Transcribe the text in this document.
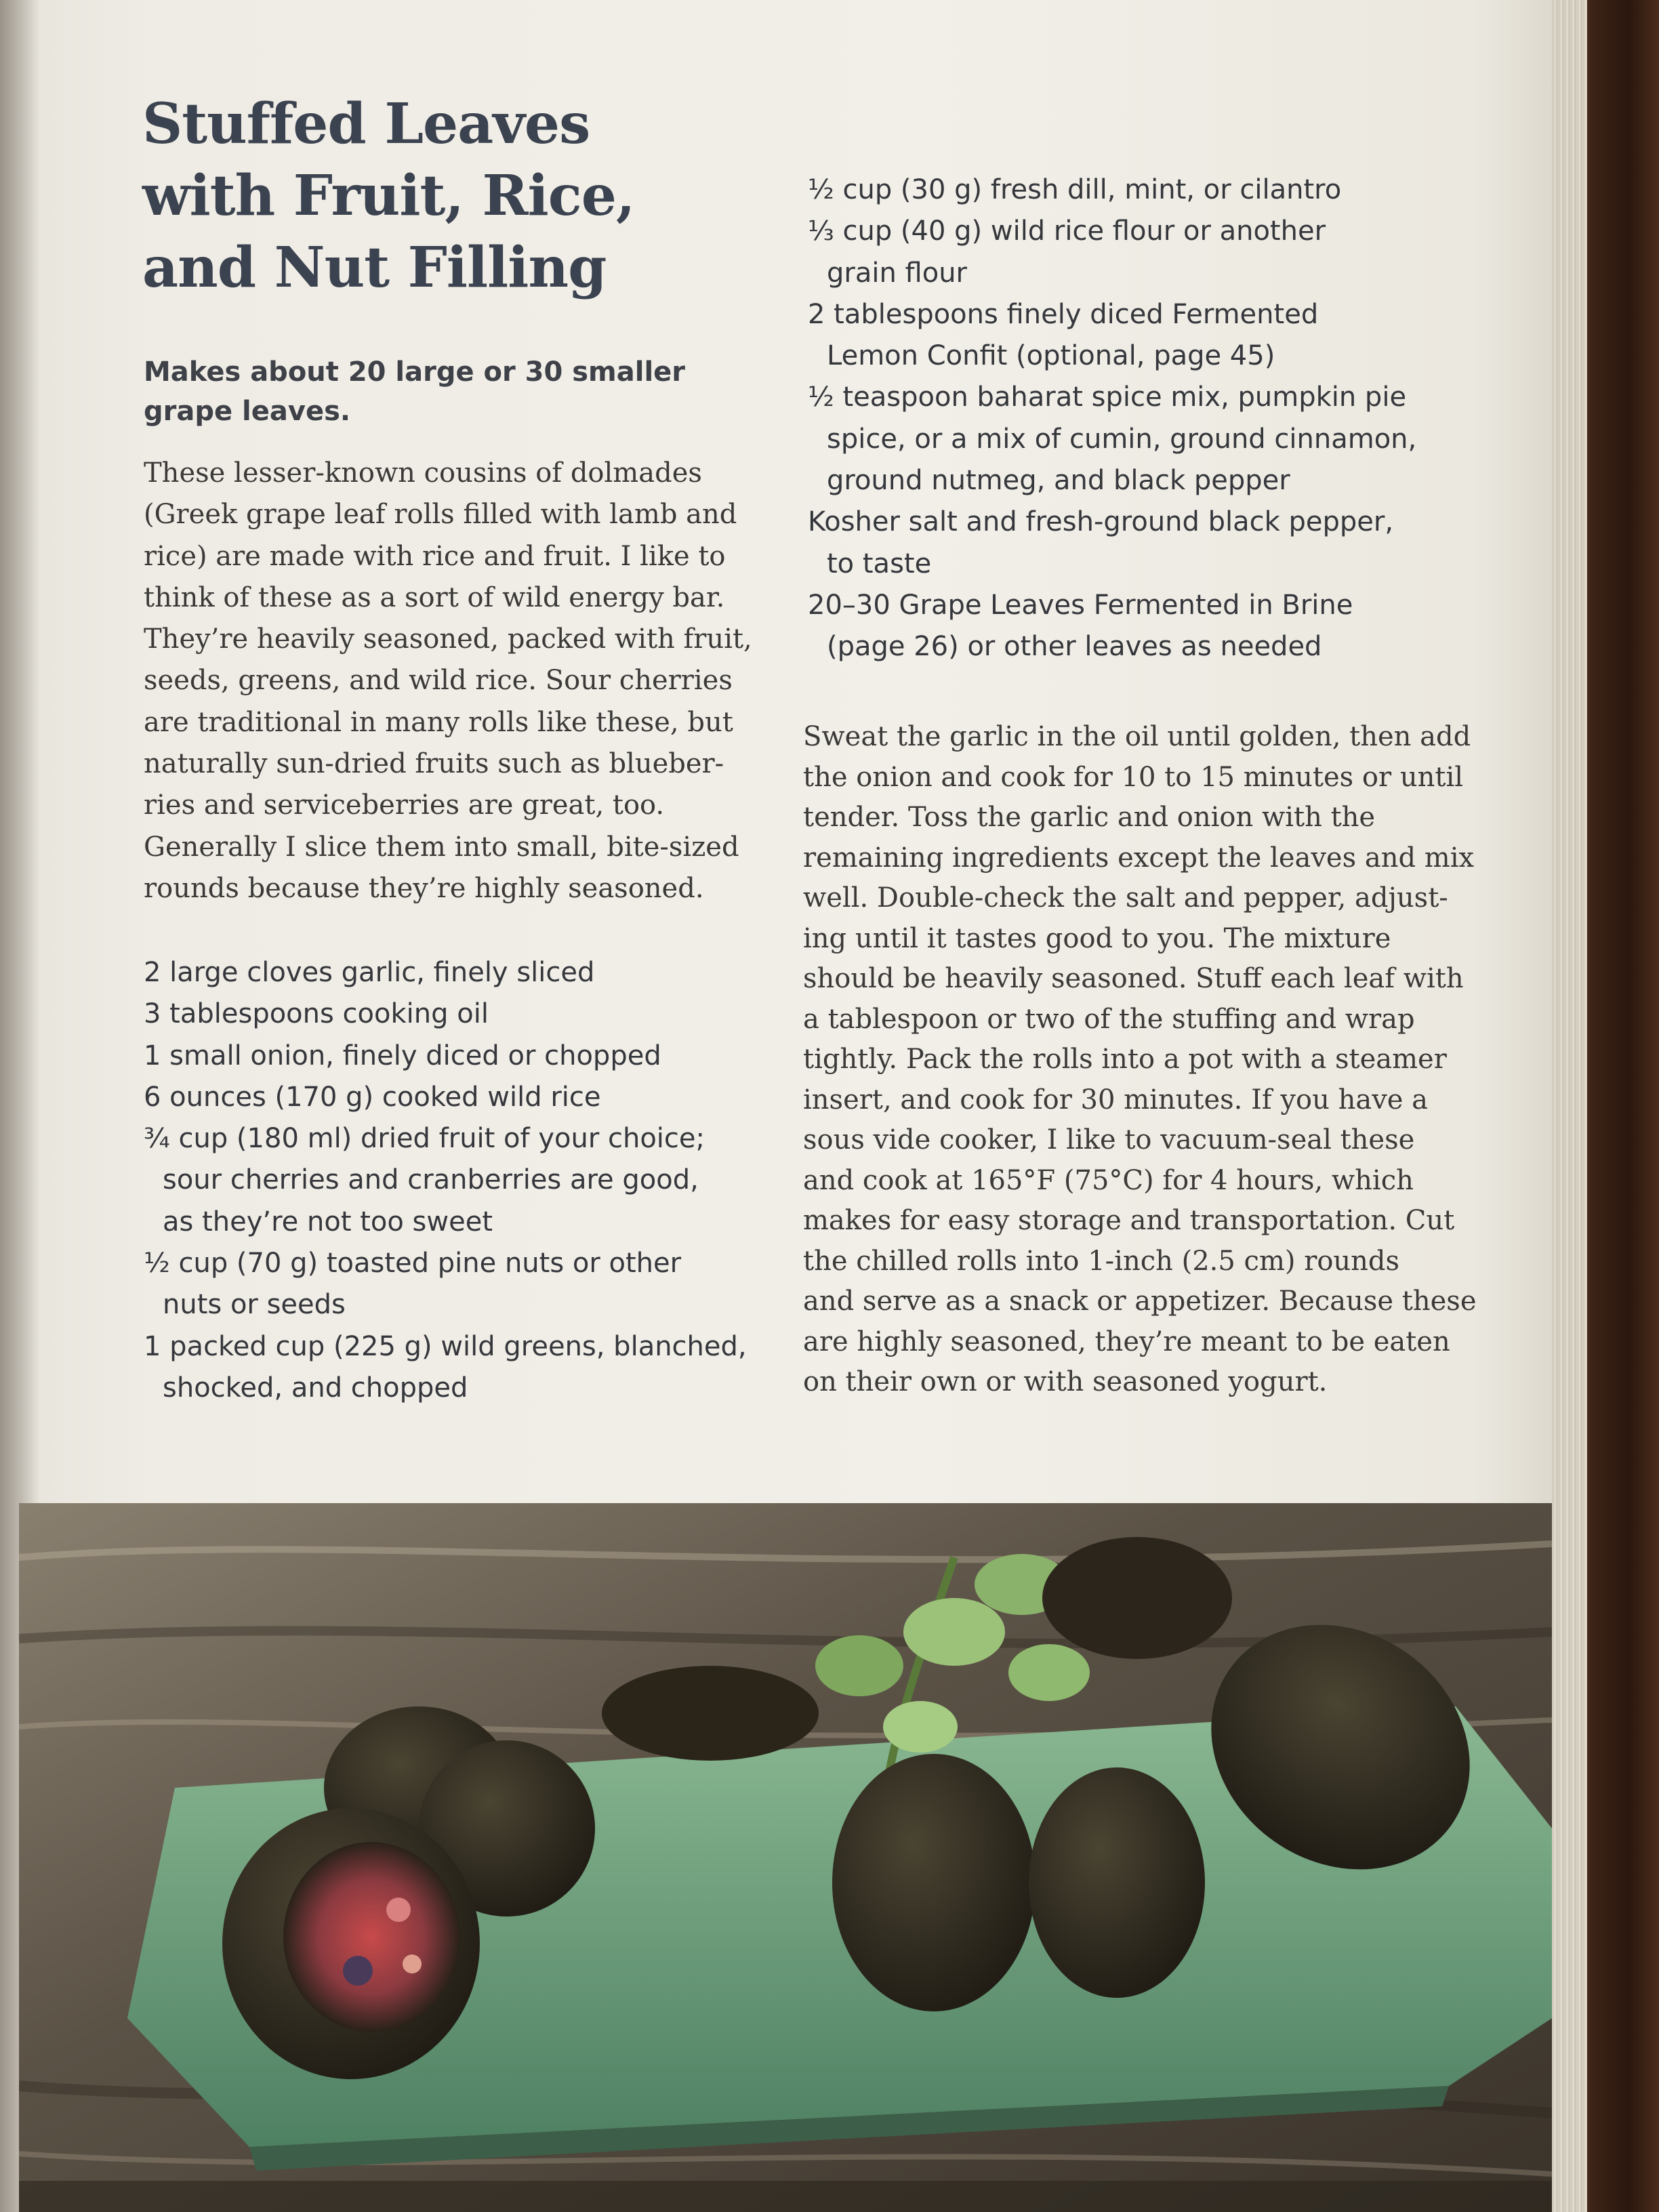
Stuffed Leaves
with Fruit, Rice,
and Nut Filling
Makes about 20 large or 30 smaller
grape leaves.
These lesser-known cousins of dolmades
(Greek grape leaf rolls filled with lamb and
rice) are made with rice and fruit. I like to
think of these as a sort of wild energy bar.
They’re heavily seasoned, packed with fruit,
seeds, greens, and wild rice. Sour cherries
are traditional in many rolls like these, but
naturally sun-dried fruits such as blueber-
ries and serviceberries are great, too.
Generally I slice them into small, bite-sized
rounds because they’re highly seasoned.
2 large cloves garlic, finely sliced
3 tablespoons cooking oil
1 small onion, finely diced or chopped
6 ounces (170 g) cooked wild rice
¾ cup (180 ml) dried fruit of your choice;
sour cherries and cranberries are good,
as they’re not too sweet
½ cup (70 g) toasted pine nuts or other
nuts or seeds
1 packed cup (225 g) wild greens, blanched,
shocked, and chopped
½ cup (30 g) fresh dill, mint, or cilantro
⅓ cup (40 g) wild rice flour or another
grain flour
2 tablespoons finely diced Fermented
Lemon Confit (optional, page 45)
½ teaspoon baharat spice mix, pumpkin pie
spice, or a mix of cumin, ground cinnamon,
ground nutmeg, and black pepper
Kosher salt and fresh-ground black pepper,
to taste
20–30 Grape Leaves Fermented in Brine
(page 26) or other leaves as needed
Sweat the garlic in the oil until golden, then add
the onion and cook for 10 to 15 minutes or until
tender. Toss the garlic and onion with the
remaining ingredients except the leaves and mix
well. Double-check the salt and pepper, adjust-
ing until it tastes good to you. The mixture
should be heavily seasoned. Stuff each leaf with
a tablespoon or two of the stuffing and wrap
tightly. Pack the rolls into a pot with a steamer
insert, and cook for 30 minutes. If you have a
sous vide cooker, I like to vacuum-seal these
and cook at 165°F (75°C) for 4 hours, which
makes for easy storage and transportation. Cut
the chilled rolls into 1-inch (2.5 cm) rounds
and serve as a snack or appetizer. Because these
are highly seasoned, they’re meant to be eaten
on their own or with seasoned yogurt.
